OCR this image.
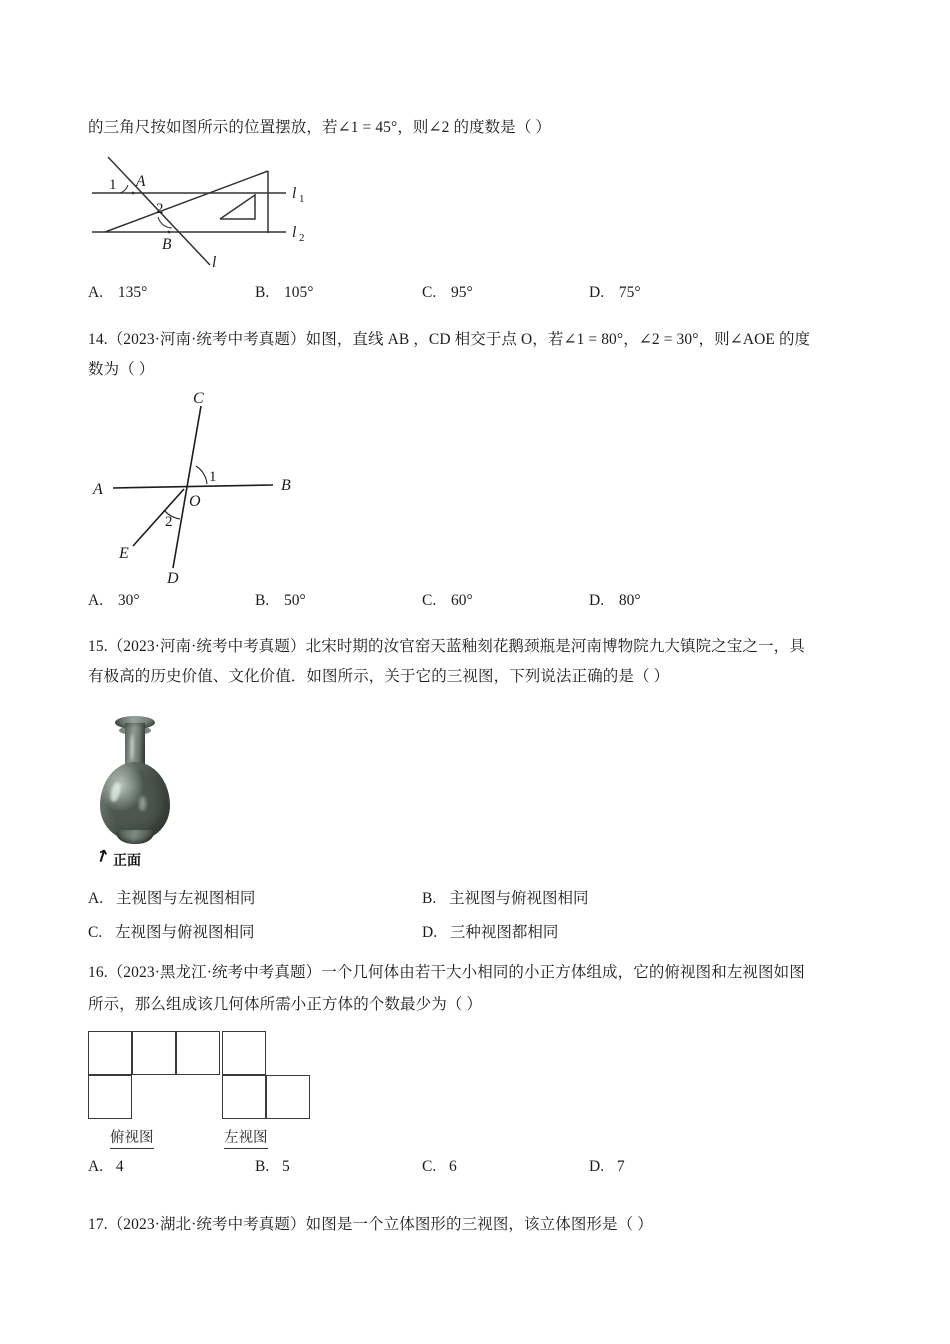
的三角尺按如图所示的位置摆放，若∠1 = 45°，则∠2 的度数是（ ）
1 A
2
B
l
l 1
l 2
A. 135°	B. 105°	C. 95°	D. 75°
14.（2023·河南·统考中考真题）如图，直线 AB ，CD 相交于点 O，若∠1 = 80°，∠2 = 30°，则∠AOE 的度
数为（ ）
C
1
A	B
O
2
E
D
A. 30°	B. 50°	C. 60°	D. 80°
15.（2023·河南·统考中考真题）北宋时期的汝官窑天蓝釉刻花鹅颈瓶是河南博物院九大镇院之宝之一，具
有极高的历史价值、文化价值．如图所示，关于它的三视图，下列说法正确的是（ ）
↑ 正面
A. 主视图与左视图相同	B. 主视图与俯视图相同
C. 左视图与俯视图相同	D. 三种视图都相同
16.（2023·黑龙江·统考中考真题）一个几何体由若干大小相同的小正方体组成，它的俯视图和左视图如图
所示，那么组成该几何体所需小正方体的个数最少为（ ）
俯视图	左视图
A. 4	B. 5	C. 6	D. 7
17.（2023·湖北·统考中考真题）如图是一个立体图形的三视图，该立体图形是（ ）
